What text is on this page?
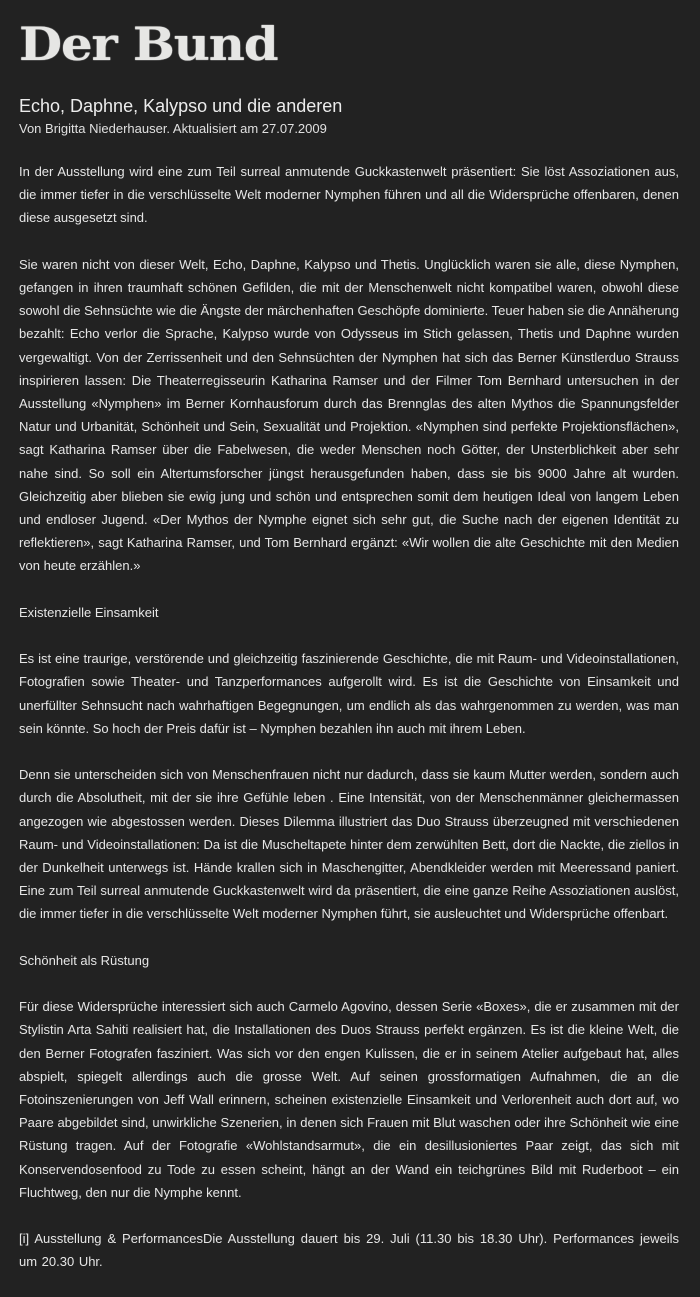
Der Bund
Echo, Daphne, Kalypso und die anderen
Von Brigitta Niederhauser. Aktualisiert am 27.07.2009

In der Ausstellung wird eine zum Teil surreal anmutende Guckkastenwelt präsentiert: Sie löst Assoziationen aus, die immer tiefer in die verschlüsselte Welt moderner Nymphen führen und all die Widersprüche offenbaren, denen diese ausgesetzt sind.

Sie waren nicht von dieser Welt, Echo, Daphne, Kalypso und Thetis. Unglücklich waren sie alle, diese Nymphen, gefangen in ihren traumhaft schönen Gefilden, die mit der Menschenwelt nicht kompatibel waren, obwohl diese sowohl die Sehnsüchte wie die Ängste der märchenhaften Geschöpfe dominierte. Teuer haben sie die Annäherung bezahlt: Echo verlor die Sprache, Kalypso wurde von Odysseus im Stich gelassen, Thetis und Daphne wurden vergewaltigt. Von der Zerrissenheit und den Sehnsüchten der Nymphen hat sich das Berner Künstlerduo Strauss inspirieren lassen: Die Theaterregisseurin Katharina Ramser und der Filmer Tom Bernhard untersuchen in der Ausstellung «Nymphen» im Berner Kornhausforum durch das Brennglas des alten Mythos die Spannungsfelder Natur und Urbanität, Schönheit und Sein, Sexualität und Projektion. «Nymphen sind perfekte Projektionsflächen», sagt Katharina Ramser über die Fabelwesen, die weder Menschen noch Götter, der Unsterblichkeit aber sehr nahe sind. So soll ein Altertumsforscher jüngst herausgefunden haben, dass sie bis 9000 Jahre alt wurden. Gleichzeitig aber blieben sie ewig jung und schön und entsprechen somit dem heutigen Ideal von langem Leben und endloser Jugend. «Der Mythos der Nymphe eignet sich sehr gut, die Suche nach der eigenen Identität zu reflektieren», sagt Katharina Ramser, und Tom Bernhard ergänzt: «Wir wollen die alte Geschichte mit den Medien von heute erzählen.»

Existenzielle Einsamkeit

Es ist eine traurige, verstörende und gleichzeitig faszinierende Geschichte, die mit Raum- und Videoinstallationen, Fotografien sowie Theater- und Tanzperformances aufgerollt wird. Es ist die Geschichte von Einsamkeit und unerfüllter Sehnsucht nach wahrhaftigen Begegnungen, um endlich als das wahrgenommen zu werden, was man sein könnte. So hoch der Preis dafür ist – Nymphen bezahlen ihn auch mit ihrem Leben.

Denn sie unterscheiden sich von Menschenfrauen nicht nur dadurch, dass sie kaum Mutter werden, sondern auch durch die Absolutheit, mit der sie ihre Gefühle leben . Eine Intensität, von der Menschenmänner gleichermassen angezogen wie abgestossen werden. Dieses Dilemma illustriert das Duo Strauss überzeugned mit verschiedenen Raum- und Videoinstallationen: Da ist die Muscheltapete hinter dem zerwühlten Bett, dort die Nackte, die ziellos in der Dunkelheit unterwegs ist. Hände krallen sich in Maschengitter, Abendkleider werden mit Meeressand paniert. Eine zum Teil surreal anmutende Guckkastenwelt wird da präsentiert, die eine ganze Reihe Assoziationen auslöst, die immer tiefer in die verschlüsselte Welt moderner Nymphen führt, sie ausleuchtet und Widersprüche offenbart.

Schönheit als Rüstung

Für diese Widersprüche interessiert sich auch Carmelo Agovino, dessen Serie «Boxes», die er zusammen mit der Stylistin Arta Sahiti realisiert hat, die Installationen des Duos Strauss perfekt ergänzen. Es ist die kleine Welt, die den Berner Fotografen fasziniert. Was sich vor den engen Kulissen, die er in seinem Atelier aufgebaut hat, alles abspielt, spiegelt allerdings auch die grosse Welt. Auf seinen grossformatigen Aufnahmen, die an die Fotoinszenierungen von Jeff Wall erinnern, scheinen existenzielle Einsamkeit und Verlorenheit auch dort auf, wo Paare abgebildet sind, unwirkliche Szenerien, in denen sich Frauen mit Blut waschen oder ihre Schönheit wie eine Rüstung tragen. Auf der Fotografie «Wohlstandsarmut», die ein desillusioniertes Paar zeigt, das sich mit Konservendosenfood zu Tode zu essen scheint, hängt an der Wand ein teichgrünes Bild mit Ruderboot – ein Fluchtweg, den nur die Nymphe kennt.

[i] Ausstellung & PerformancesDie Ausstellung dauert bis 29. Juli (11.30 bis 18.30 Uhr). Performances jeweils um 20.30 Uhr.
